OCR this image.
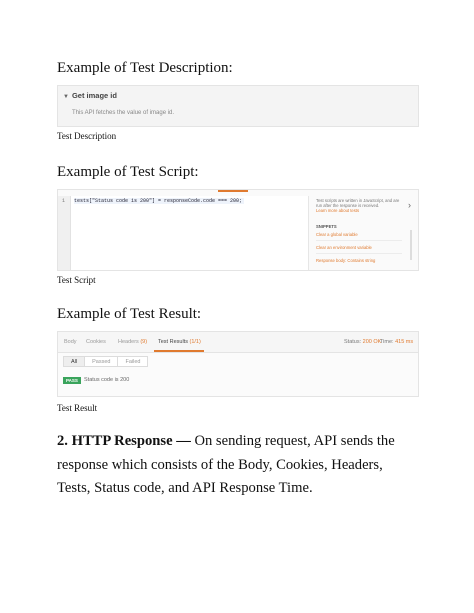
Example of Test Description:
▼ Get image id
This API fetches the value of image id.
Test Description
Example of Test Script:
1 tests["Status code is 200"] = responseCode.code === 200;	Test scripts are written in JavaScript, and are run after the response is received.
Learn more about tests
SNIPPETS
Clear a global variable
Clear an environment variable
Response body: Contains string
›
Test Script
Example of Test Result:
Body Cookies Headers (9) Test Results (1/1)	Status: 200 OK
Time: 415 ms
All	Passed	Failed
PASS	Status code is 200
Test Result
2. HTTP Response — On sending request, API sends the response which consists of the Body, Cookies, Headers, Tests, Status code, and API Response Time.
